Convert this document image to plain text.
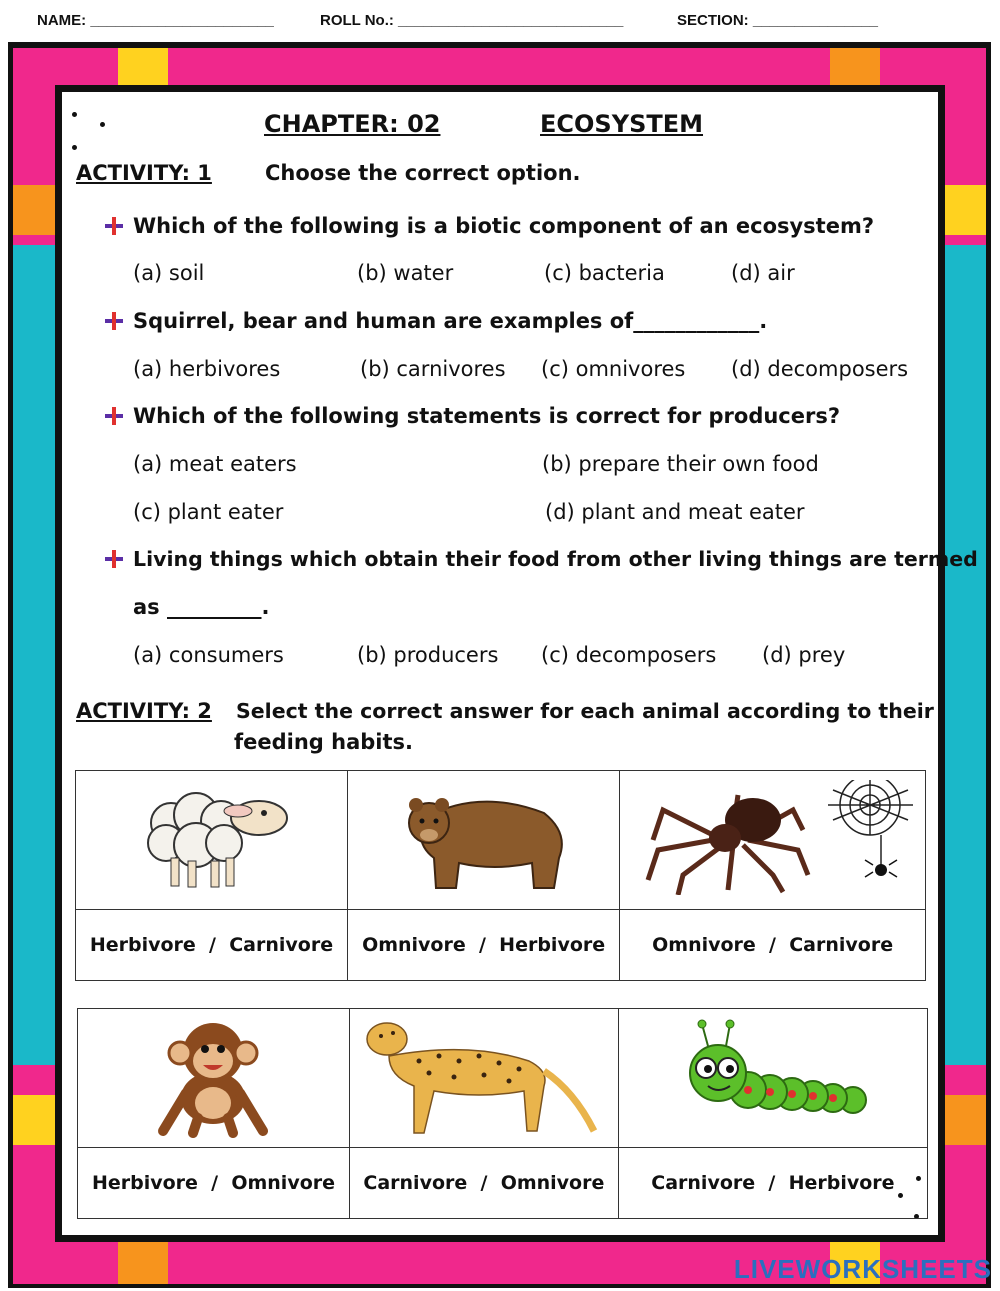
NAME: ______________________	ROLL No.: ___________________________	SECTION: _______________
CHAPTER: 02	ECOSYSTEM
ACTIVITY: 1	Choose the correct option.
Which of the following is a biotic component of an ecosystem?
(a) soil	(b) water	(c) bacteria	(d) air
Squirrel, bear and human are examples of____________.
(a) herbivores	(b) carnivores (c) omnivores (d) decomposers
Which of the following statements is correct for producers?
(a) meat eaters	(b) prepare their own food
(c) plant eater	(d) plant and meat eater
Living things which obtain their food from other living things are termed
as _________.
(a) consumers	(b) producers (c) decomposers (d) prey
ACTIVITY: 2 Select the correct answer for each animal according to their
feeding habits.

Herbivore / Carnivore	Omnivore / Herbivore	Omnivore / Carnivore

Herbivore / Omnivore	Carnivore / Omnivore	Carnivore / Herbivore
LIVEWORKSHEETS
